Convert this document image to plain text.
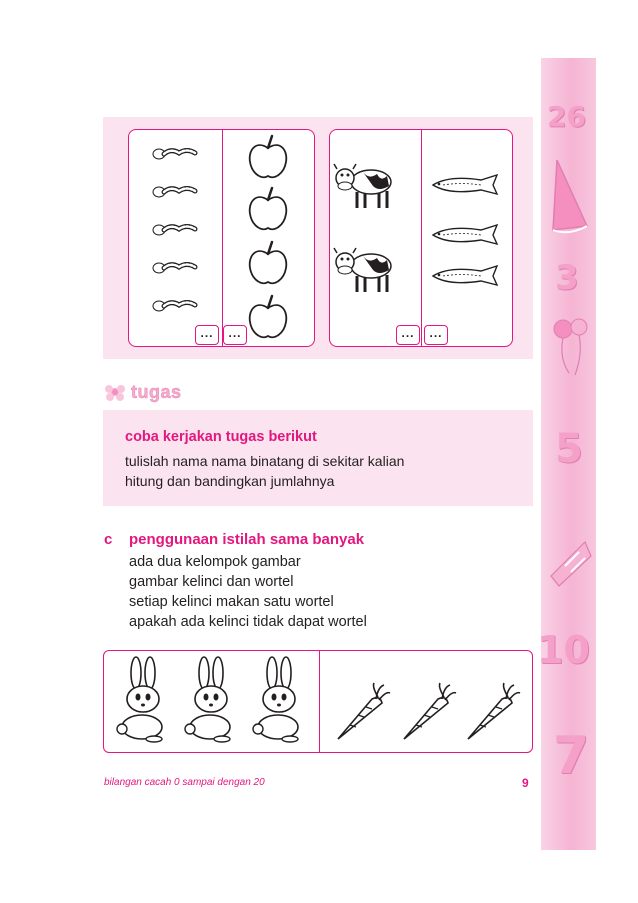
26
3
5
10
7
...	...	...	...
tugas
coba kerjakan tugas berikut
tulislah nama nama binatang di sekitar kalian
hitung dan bandingkan jumlahnya
c penggunaan istilah sama banyak
ada dua kelompok gambar
gambar kelinci dan wortel
setiap kelinci makan satu wortel
apakah ada kelinci tidak dapat wortel
bilangan cacah 0 sampai dengan 20	9
